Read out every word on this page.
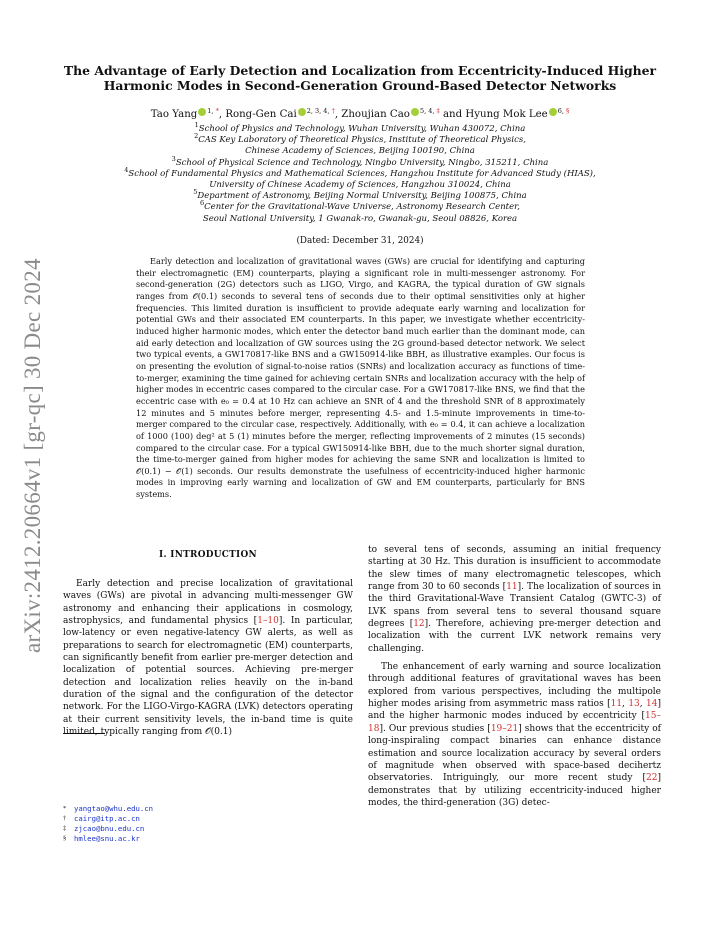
arXiv:2412.20664v1 [gr-qc] 30 Dec 2024
The Advantage of Early Detection and Localization from Eccentricity-Induced Higher
Harmonic Modes in Second-Generation Ground-Based Detector Networks
Tao Yang $^{1, *}$, Rong-Gen Cai $^{2, 3, 4, \dagger}$, Zhoujian Cao $^{5, 4, \ddagger}$ and Hyung Mok Lee $^{6, \S}$
$^1$School of Physics and Technology, Wuhan University, Wuhan 430072, China
$^2$CAS Key Laboratory of Theoretical Physics, Institute of Theoretical Physics,
Chinese Academy of Sciences, Beijing 100190, China
$^3$School of Physical Science and Technology, Ningbo University, Ningbo, 315211, China
$^4$School of Fundamental Physics and Mathematical Sciences, Hangzhou Institute for Advanced Study (HIAS),
University of Chinese Academy of Sciences, Hangzhou 310024, China
$^5$Department of Astronomy, Beijing Normal University, Beijing 100875, China
$^6$Center for the Gravitational-Wave Universe, Astronomy Research Center,
Seoul National University, 1 Gwanak-ro, Gwanak-gu, Seoul 08826, Korea
(Dated: December 31, 2024)
Early detection and localization of gravitational waves (GWs) are crucial for identifying and capturing their electromagnetic (EM) counterparts, playing a significant role in multi-messenger astronomy. For second-generation (2G) detectors such as LIGO, Virgo, and KAGRA, the typical duration of GW signals ranges from 𝒪(0.1) seconds to several tens of seconds due to their optimal sensitivities only at higher frequencies. This limited duration is insufficient to provide adequate early warning and localization for potential GWs and their associated EM counterparts. In this paper, we investigate whether eccentricity-induced higher harmonic modes, which enter the detector band much earlier than the dominant mode, can aid early detection and localization of GW sources using the 2G ground-based detector network. We select two typical events, a GW170817-like BNS and a GW150914-like BBH, as illustrative examples. Our focus is on presenting the evolution of signal-to-noise ratios (SNRs) and localization accuracy as functions of time-to-merger, examining the time gained for achieving certain SNRs and localization accuracy with the help of higher modes in eccentric cases compared to the circular case. For a GW170817-like BNS, we find that the eccentric case with e₀ = 0.4 at 10 Hz can achieve an SNR of 4 and the threshold SNR of 8 approximately 12 minutes and 5 minutes before merger, representing 4.5- and 1.5-minute improvements in time-to-merger compared to the circular case, respectively. Additionally, with e₀ = 0.4, it can achieve a localization of 1000 (100) deg² at 5 (1) minutes before the merger, reflecting improvements of 2 minutes (15 seconds) compared to the circular case. For a typical GW150914-like BBH, due to the much shorter signal duration, the time-to-merger gained from higher modes for achieving the same SNR and localization is limited to 𝒪(0.1) − 𝒪(1) seconds. Our results demonstrate the usefulness of eccentricity-induced higher harmonic modes in improving early warning and localization of GW and EM counterparts, particularly for BNS systems.
I. INTRODUCTION

Early detection and precise localization of gravitational waves (GWs) are pivotal in advancing multi-messenger GW astronomy and enhancing their applications in cosmology, astrophysics, and fundamental physics [1–10]. In particular, low-latency or even negative-latency GW alerts, as well as preparations to search for electromagnetic (EM) counterparts, can significantly benefit from earlier pre-merger detection and localization of potential sources. Achieving pre-merger detection and localization relies heavily on the in-band duration of the signal and the configuration of the detector network. For the LIGO-Virgo-KAGRA (LVK) detectors operating at their current sensitivity levels, the in-band time is quite limited, typically ranging from 𝒪(0.1)

to several tens of seconds, assuming an initial frequency starting at 30 Hz. This duration is insufficient to accommodate the slew times of many electromagnetic telescopes, which range from 30 to 60 seconds [11]. The localization of sources in the third Gravitational-Wave Transient Catalog (GWTC-3) of LVK spans from several tens to several thousand square degrees [12]. Therefore, achieving pre-merger detection and localization with the current LVK network remains very challenging.

The enhancement of early warning and source localization through additional features of gravitational waves has been explored from various perspectives, including the multipole higher modes arising from asymmetric mass ratios [11, 13, 14] and the higher harmonic modes induced by eccentricity [15–18]. Our previous studies [19–21] shows that the eccentricity of long-inspiraling compact binaries can enhance distance estimation and source localization accuracy by several orders of magnitude when observed with space-based decihertz observatories. Intriguingly, our more recent study [22] demonstrates that by utilizing eccentricity-induced higher modes, the third-generation (3G) detec-

*	yangtao@whu.edu.cn
†	cairg@itp.ac.cn
‡	zjcao@bnu.edu.cn
§	hmlee@snu.ac.kr
